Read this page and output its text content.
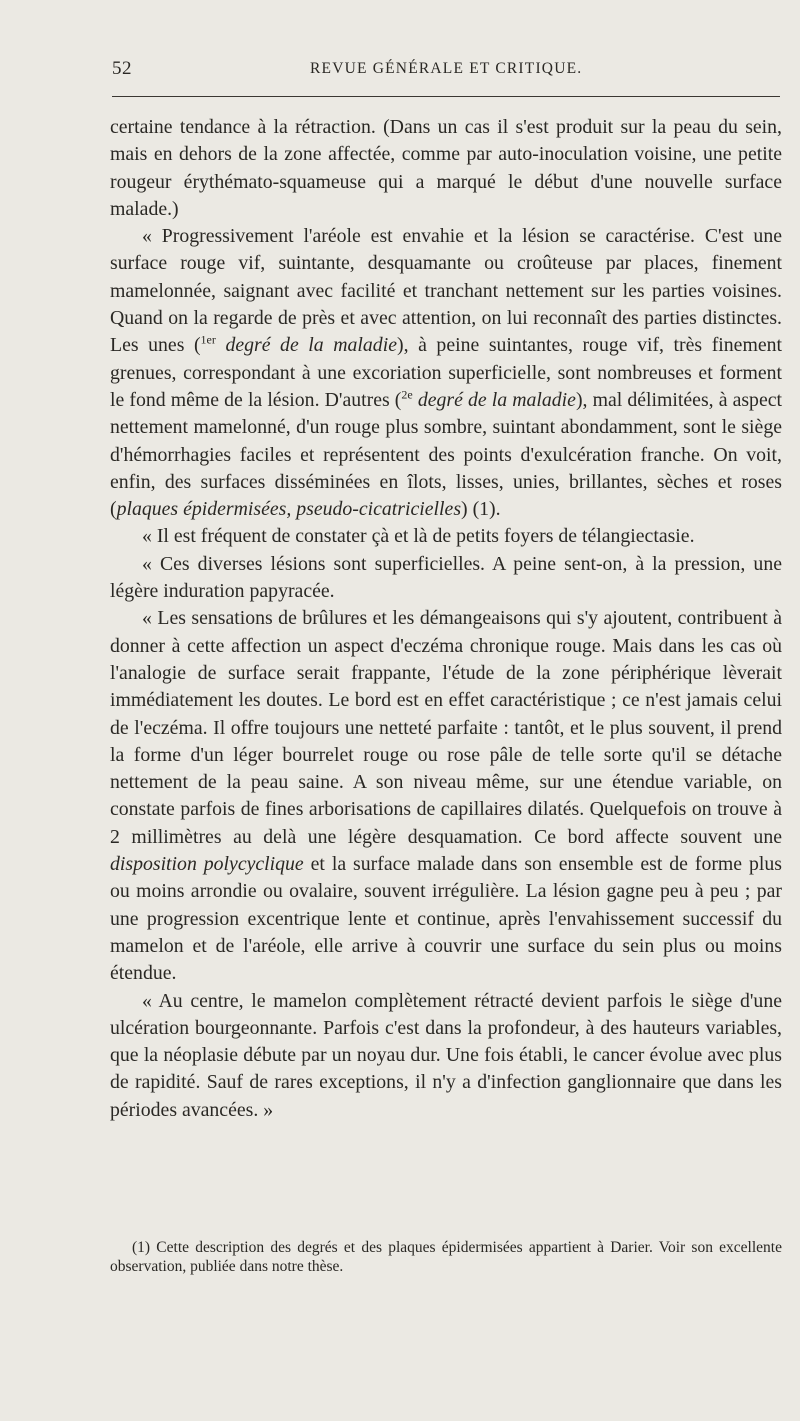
52	REVUE GÉNÉRALE ET CRITIQUE.

certaine tendance à la rétraction. (Dans un cas il s'est produit sur la peau du sein, mais en dehors de la zone affectée, comme par auto-inoculation voisine, une petite rougeur érythémato-squameuse qui a marqué le début d'une nouvelle surface malade.)

« Progressivement l'aréole est envahie et la lésion se caractérise. C'est une surface rouge vif, suintante, desquamante ou croûteuse par places, finement mamelonnée, saignant avec facilité et tranchant nettement sur les parties voisines. Quand on la regarde de près et avec attention, on lui reconnaît des parties distinctes. Les unes ($^{1er}$ degré de la maladie), à peine suintantes, rouge vif, très finement grenues, correspondant à une excoriation superficielle, sont nombreuses et forment le fond même de la lésion. D'autres ($^{2e}$ degré de la maladie), mal délimitées, à aspect nettement mamelonné, d'un rouge plus sombre, suintant abondamment, sont le siège d'hémorrhagies faciles et représentent des points d'exulcération franche. On voit, enfin, des surfaces disséminées en îlots, lisses, unies, brillantes, sèches et roses (plaques épidermisées, pseudo-cicatricielles) (1).

« Il est fréquent de constater çà et là de petits foyers de télangiectasie.

« Ces diverses lésions sont superficielles. A peine sent-on, à la pression, une légère induration papyracée.

« Les sensations de brûlures et les démangeaisons qui s'y ajoutent, contribuent à donner à cette affection un aspect d'eczéma chronique rouge. Mais dans les cas où l'analogie de surface serait frappante, l'étude de la zone périphérique lèverait immédiatement les doutes. Le bord est en effet caractéristique ; ce n'est jamais celui de l'eczéma. Il offre toujours une netteté parfaite : tantôt, et le plus souvent, il prend la forme d'un léger bourrelet rouge ou rose pâle de telle sorte qu'il se détache nettement de la peau saine. A son niveau même, sur une étendue variable, on constate parfois de fines arborisations de capillaires dilatés. Quelquefois on trouve à 2 millimètres au delà une légère desquamation. Ce bord affecte souvent une disposition polycyclique et la surface malade dans son ensemble est de forme plus ou moins arrondie ou ovalaire, souvent irrégulière. La lésion gagne peu à peu ; par une progression excentrique lente et continue, après l'envahissement successif du mamelon et de l'aréole, elle arrive à couvrir une surface du sein plus ou moins étendue.

« Au centre, le mamelon complètement rétracté devient parfois le siège d'une ulcération bourgeonnante. Parfois c'est dans la profondeur, à des hauteurs variables, que la néoplasie débute par un noyau dur. Une fois établi, le cancer évolue avec plus de rapidité. Sauf de rares exceptions, il n'y a d'infection ganglionnaire que dans les périodes avancées. »

(1) Cette description des degrés et des plaques épidermisées appartient à Darier. Voir son excellente observation, publiée dans notre thèse.
